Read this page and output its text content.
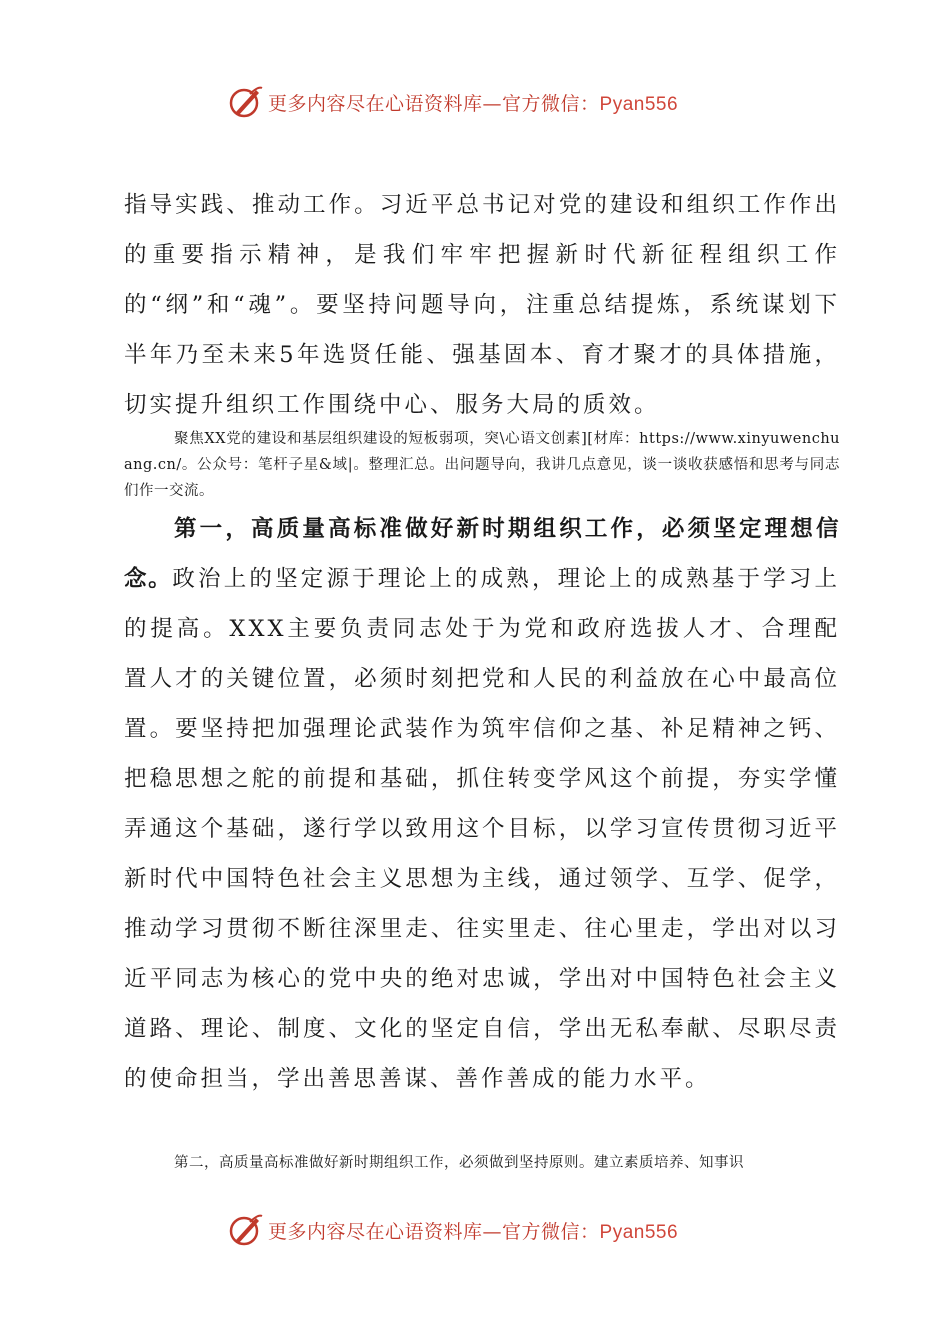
更多内容尽在心语资料库—官方微信：Pyan556

指导实践、推动工作。习近平总书记对党的建设和组织工作作出的重要指示精神，是我们牢牢把握新时代新征程组织工作的“纲”和“魂”。要坚持问题导向，注重总结提炼，系统谋划下半年乃至未来5年选贤任能、强基固本、育才聚才的具体措施，切实提升组织工作围绕中心、服务大局的质效。

聚焦XX党的建设和基层组织建设的短板弱项，突\心语文创素][材库：https://www.xinyuwenchuang.cn/。公众号：笔杆子星&域|。整理汇总。出问题导向，我讲几点意见，谈一谈收获感悟和思考与同志们作一交流。

第一，高质量高标准做好新时期组织工作，必须坚定理想信念。政治上的坚定源于理论上的成熟，理论上的成熟基于学习上的提高。XXX主要负责同志处于为党和政府选拔人才、合理配置人才的关键位置，必须时刻把党和人民的利益放在心中最高位置。要坚持把加强理论武装作为筑牢信仰之基、补足精神之钙、把稳思想之舵的前提和基础，抓住转变学风这个前提，夯实学懂弄通这个基础，遂行学以致用这个目标，以学习宣传贯彻习近平新时代中国特色社会主义思想为主线，通过领学、互学、促学，推动学习贯彻不断往深里走、往实里走、往心里走，学出对以习近平同志为核心的党中央的绝对忠诚，学出对中国特色社会主义道路、理论、制度、文化的坚定自信，学出无私奉献、尽职尽责的使命担当，学出善思善谋、善作善成的能力水平。

第二，高质量高标准做好新时期组织工作，必须做到坚持原则。建立素质培养、知事识

更多内容尽在心语资料库—官方微信：Pyan556
